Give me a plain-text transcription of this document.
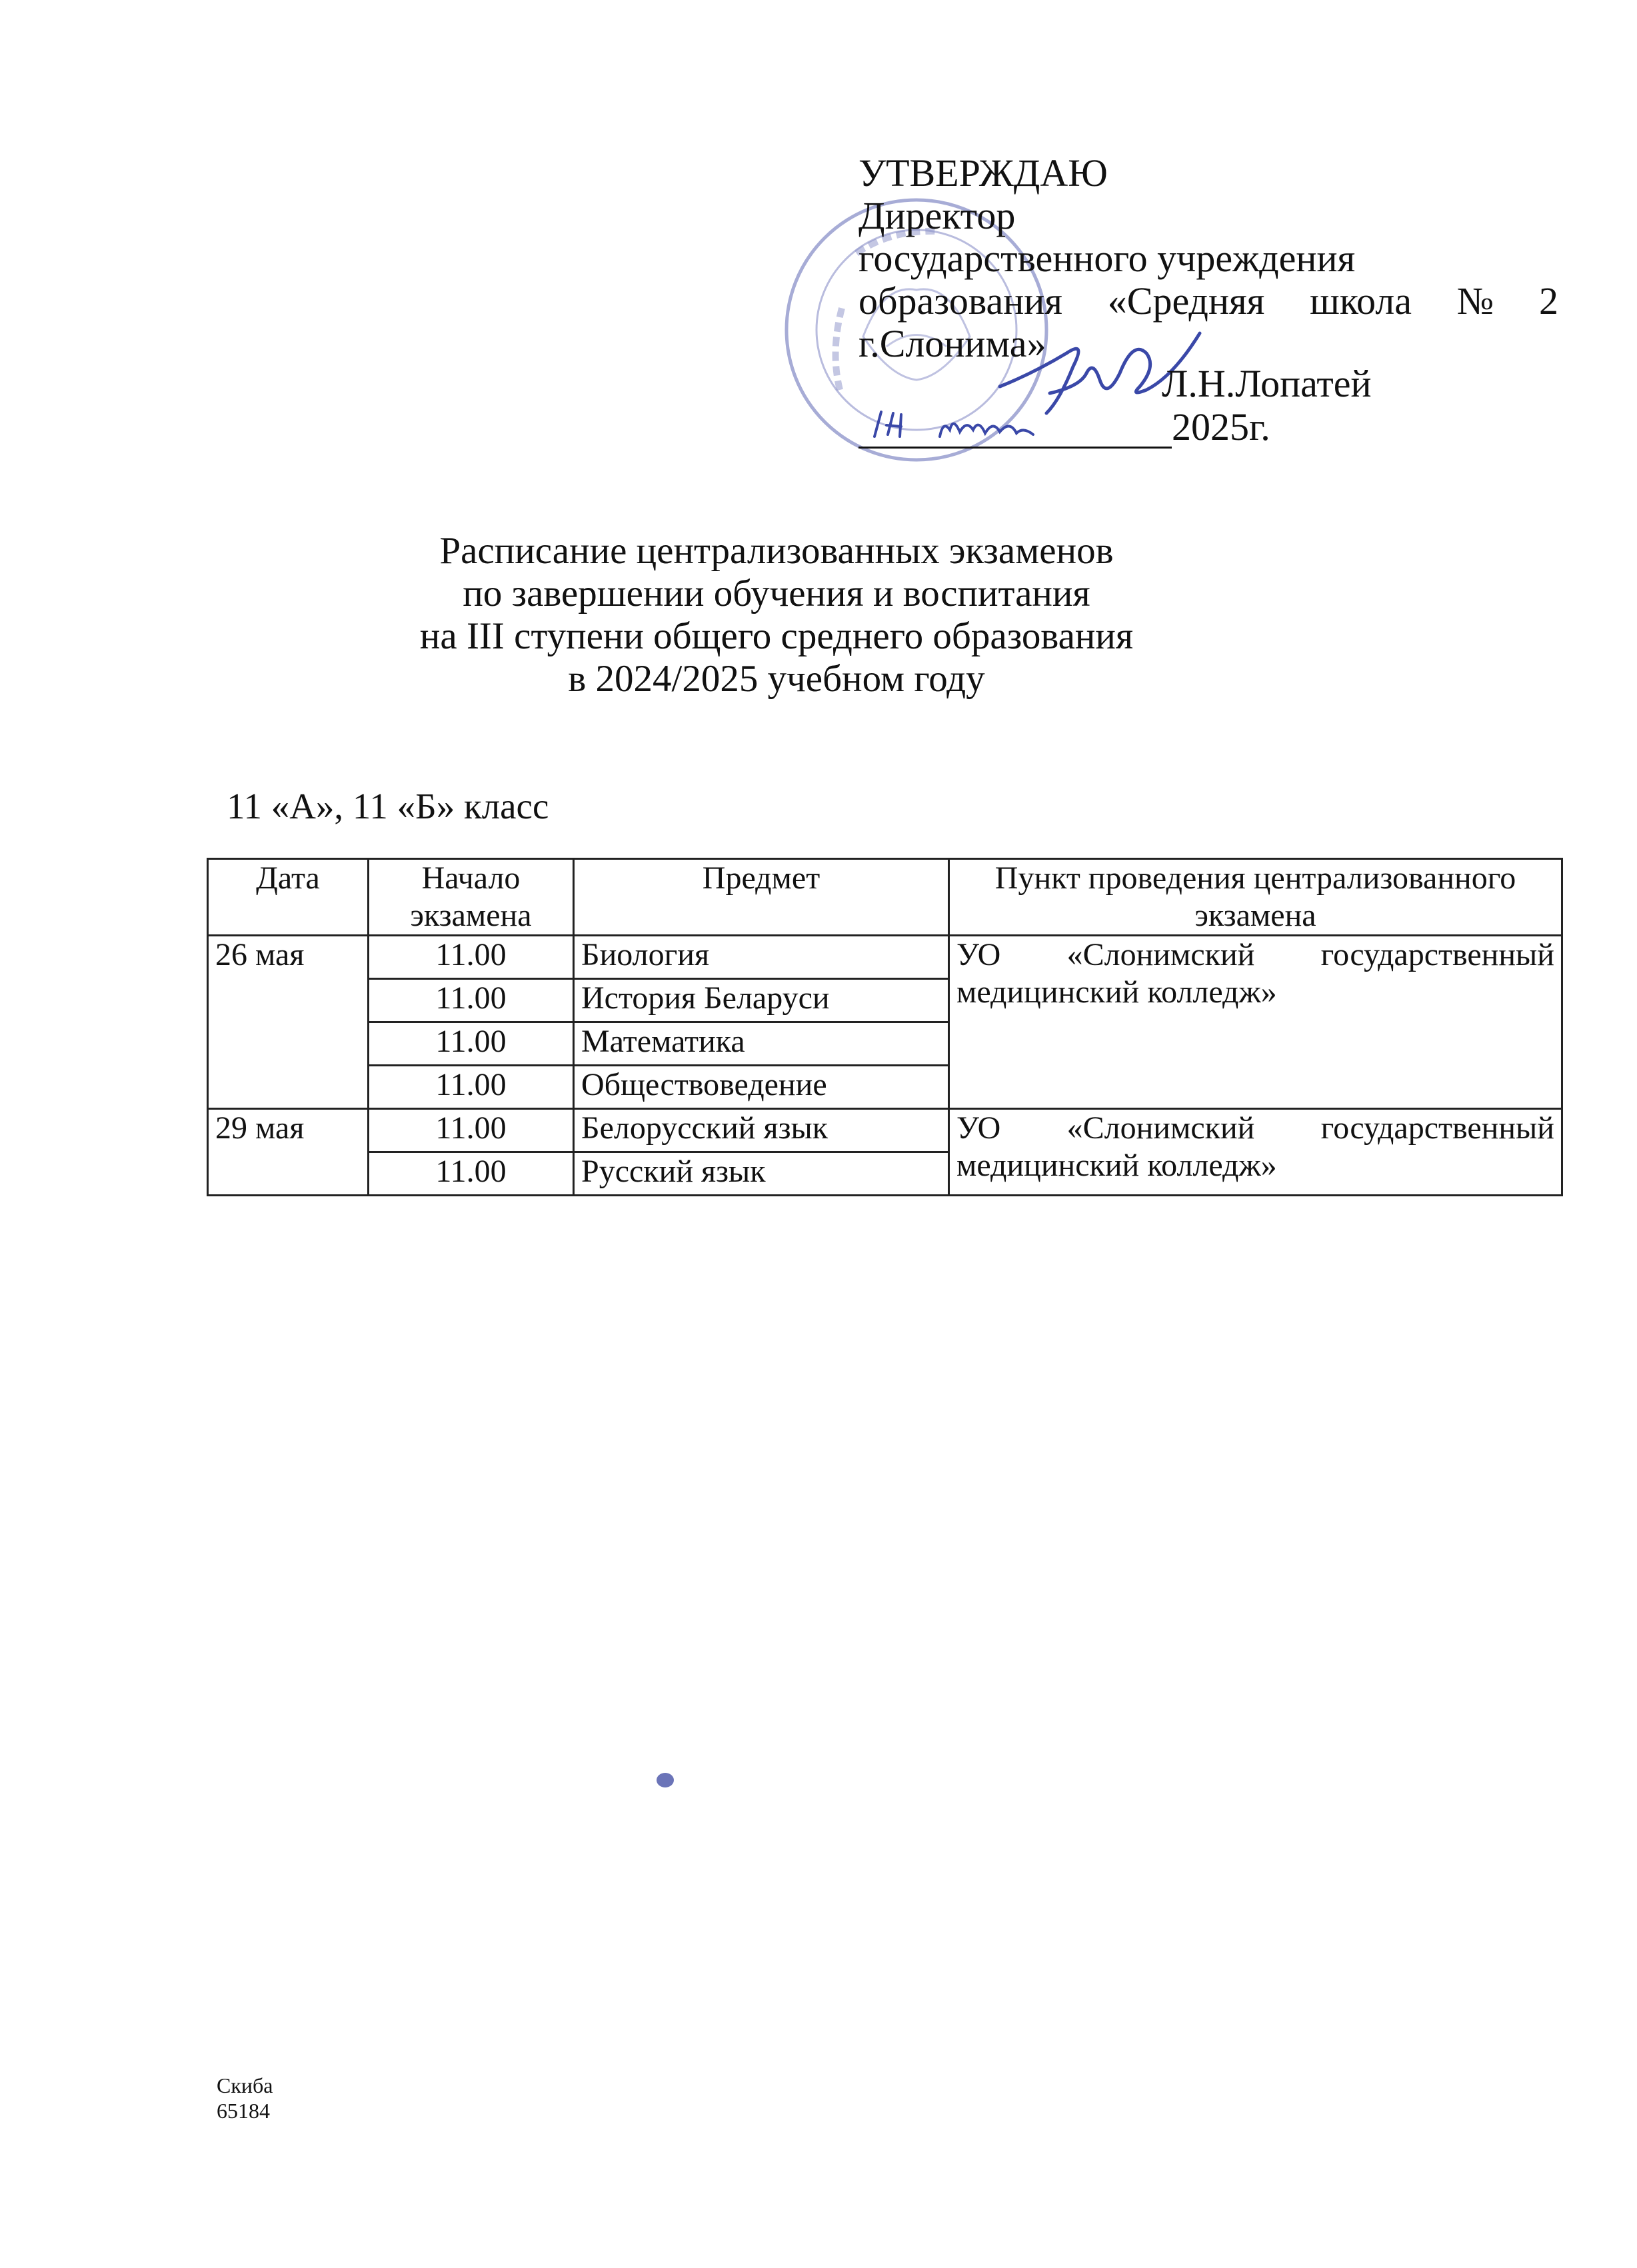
УТВЕРЖДАЮ
Директор
государственного учреждения
образования «Средняя школа № 2
г.Слонима»
Л.Н.Лопатей
2025г.
Расписание централизованных экзаменов
по завершении обучения и воспитания
на III ступени общего среднего образования
в 2024/2025 учебном году
11 «А», 11 «Б» класс
Дата	Начало экзамена	Предмет	Пункт проведения централизованного экзамена
26 мая	11.00	Биология	УО «Слонимский государственный медицинский колледж»

	11.00	История Беларуси	
	11.00	Математика	
	11.00	Обществоведение	
29 мая	11.00	Белорусский язык	УО «Слонимский государственный медицинский колледж»

	11.00	Русский язык	
Скиба
65184
